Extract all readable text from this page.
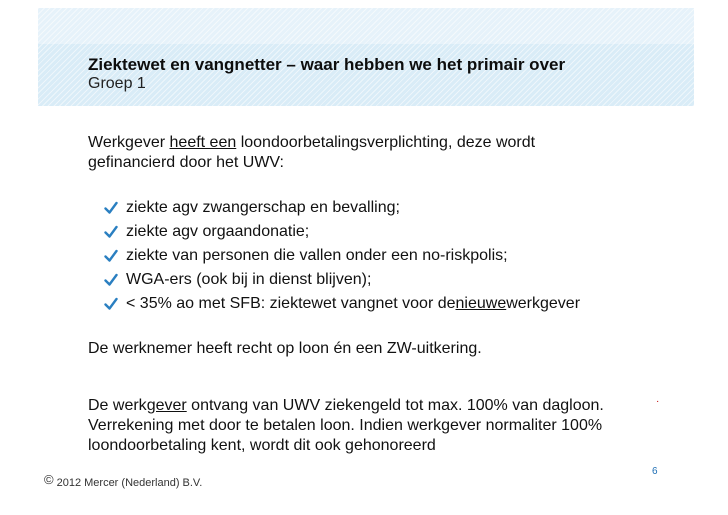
Ziektewet en vangnetter – waar hebben we het primair over
Groep 1
Werkgever heeft een loondoorbetalingsverplichting, deze wordt
gefinancierd door het UWV:
ziekte agv zwangerschap en bevalling;
ziekte agv orgaandonatie;
ziekte van personen die vallen onder een no-riskpolis;
WGA-ers (ook bij in dienst blijven);
< 35% ao met SFB: ziektewet vangnet voor de nieuwe werkgever
De werknemer heeft recht op loon én een ZW-uitkering.
De werkgever ontvang van UWV ziekengeld tot max. 100% van dagloon.
Verrekening met door te betalen loon. Indien werkgever normaliter 100%
loondoorbetaling kent, wordt dit ook gehonoreerd
·
6
© 2012 Mercer (Nederland) B.V.
